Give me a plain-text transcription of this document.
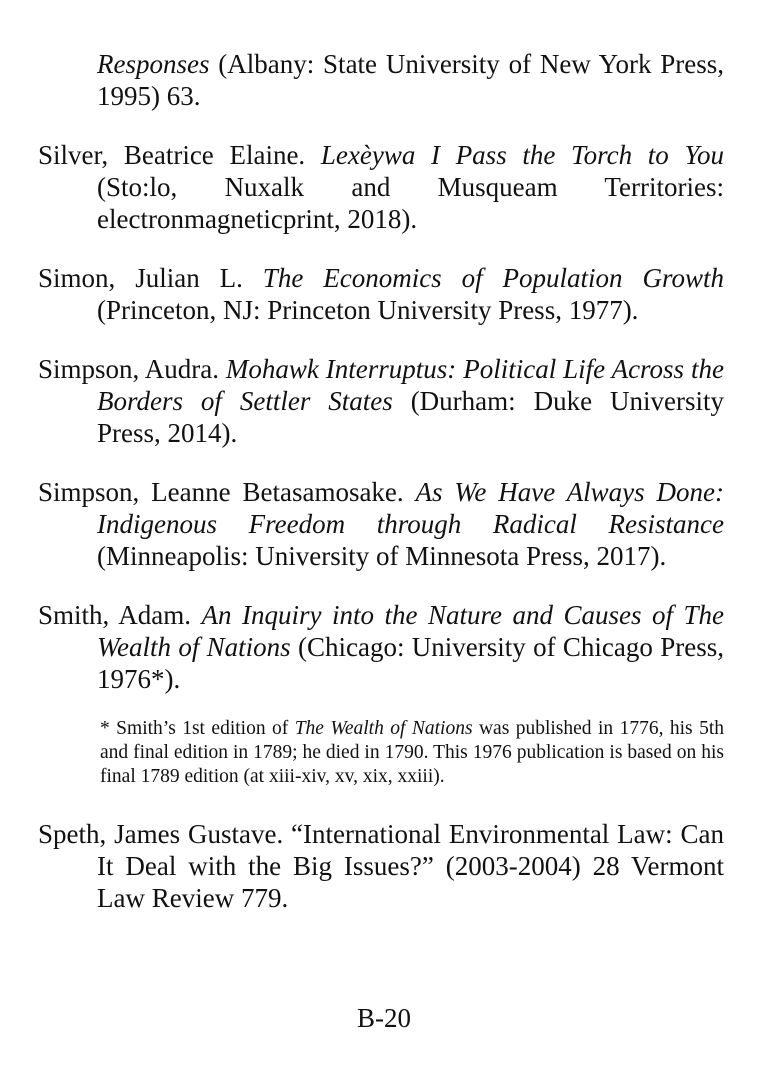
Responses (Albany: State University of New York Press, 1995) 63.

Silver, Beatrice Elaine. Lexèywa I Pass the Torch to You (Sto:lo, Nuxalk and Musqueam Territories: electronmagneticprint, 2018).

Simon, Julian L. The Economics of Population Growth (Princeton, NJ: Princeton University Press, 1977).

Simpson, Audra. Mohawk Interruptus: Political Life Across the Borders of Settler States (Durham: Duke University Press, 2014).

Simpson, Leanne Betasamosake. As We Have Always Done: Indigenous Freedom through Radical Resistance (Minneapolis: University of Minnesota Press, 2017).

Smith, Adam. An Inquiry into the Nature and Causes of The Wealth of Nations (Chicago: University of Chicago Press, 1976*).

* Smith’s 1st edition of The Wealth of Nations was published in 1776, his 5th and final edition in 1789; he died in 1790. This 1976 publication is based on his final 1789 edition (at xiii-xiv, xv, xix, xxiii).

Speth, James Gustave. “International Environmental Law: Can It Deal with the Big Issues?” (2003-2004) 28 Vermont Law Review 779.

B-20
